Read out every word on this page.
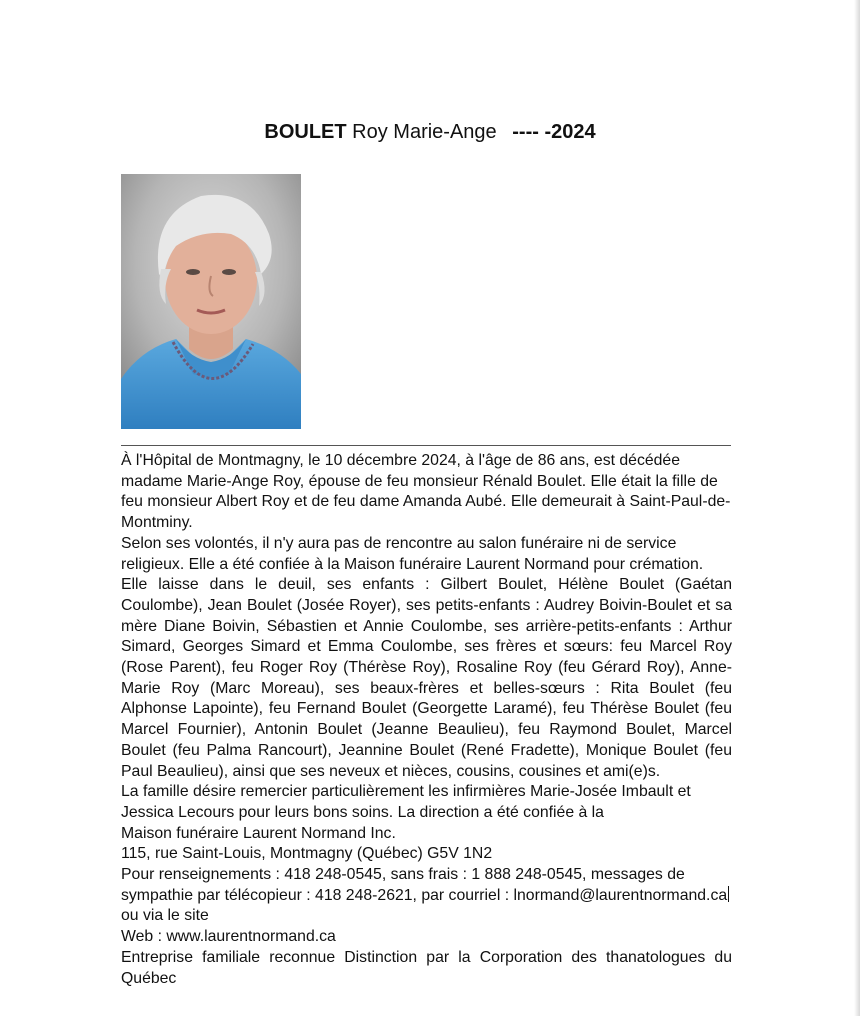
BOULET Roy Marie-Ange ---- -2024

À l'Hôpital de Montmagny, le 10 décembre 2024, à l'âge de 86 ans, est décédée madame Marie-Ange Roy, épouse de feu monsieur Rénald Boulet. Elle était la fille de feu monsieur Albert Roy et de feu dame Amanda Aubé. Elle demeurait à Saint-Paul-de-Montminy.

Selon ses volontés, il n'y aura pas de rencontre au salon funéraire ni de service religieux. Elle a été confiée à la Maison funéraire Laurent Normand pour crémation.

Elle laisse dans le deuil, ses enfants : Gilbert Boulet, Hélène Boulet (Gaétan Coulombe), Jean Boulet (Josée Royer), ses petits-enfants : Audrey Boivin-Boulet et sa mère Diane Boivin, Sébastien et Annie Coulombe, ses arrière-petits-enfants : Arthur Simard, Georges Simard et Emma Coulombe, ses frères et sœurs: feu Marcel Roy (Rose Parent), feu Roger Roy (Thérèse Roy), Rosaline Roy (feu Gérard Roy), Anne-Marie Roy (Marc Moreau), ses beaux-frères et belles-sœurs : Rita Boulet (feu Alphonse Lapointe), feu Fernand Boulet (Georgette Laramé), feu Thérèse Boulet (feu Marcel Fournier), Antonin Boulet (Jeanne Beaulieu), feu Raymond Boulet, Marcel Boulet (feu Palma Rancourt), Jeannine Boulet (René Fradette), Monique Boulet (feu Paul Beaulieu), ainsi que ses neveux et nièces, cousins, cousines et ami(e)s.

La famille désire remercier particulièrement les infirmières Marie-Josée Imbault et Jessica Lecours pour leurs bons soins. La direction a été confiée à la

Maison funéraire Laurent Normand Inc.

115, rue Saint-Louis, Montmagny (Québec) G5V 1N2

Pour renseignements : 418 248-0545, sans frais : 1 888 248-0545, messages de sympathie par télécopieur : 418 248-2621, par courriel : lnormand@laurentnormand.caou via le site

Web : www.laurentnormand.ca

Entreprise familiale reconnue Distinction par la Corporation des thanatologues du Québec
